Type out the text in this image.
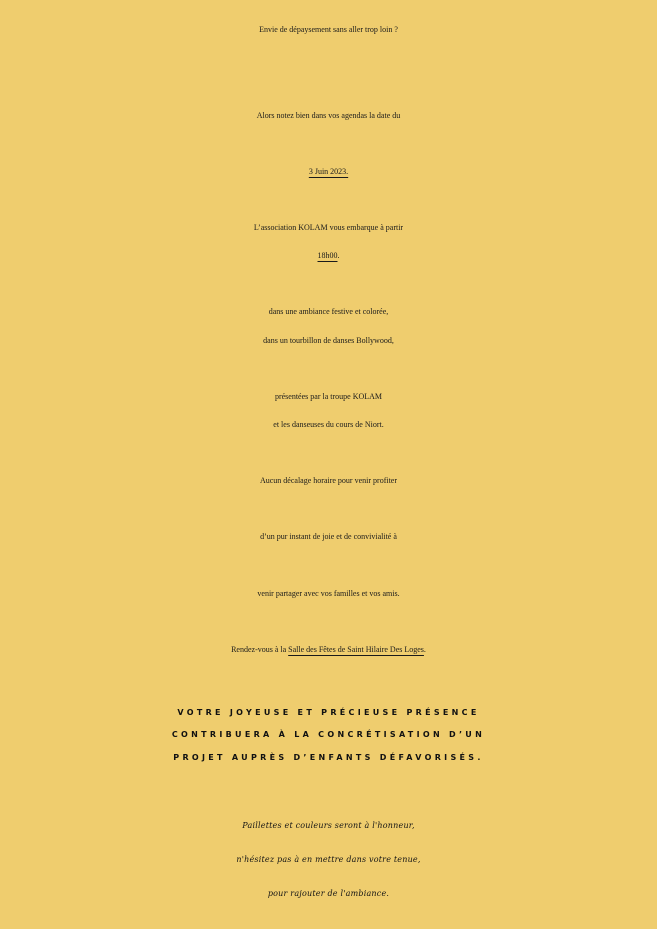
Envie de dépaysement sans aller trop loin ?
Alors notez bien dans vos agendas la date du
3 Juin 2023.
L’association KOLAM vous embarque à partir
18h00.
dans une ambiance festive et colorée,
dans un tourbillon de danses Bollywood,
présentées par la troupe KOLAM
et les danseuses du cours de Niort.
Aucun décalage horaire pour venir profiter
d’un pur instant de joie et de convivialité à
venir partager avec vos familles et vos amis.
Rendez-vous à la Salle des Fêtes de Saint Hilaire Des Loges.
VOTRE JOYEUSE ET PRÉCIEUSE PRÉSENCE
CONTRIBUERA À LA CONCRÉTISATION D’UN
PROJET AUPRÈS D’ENFANTS DÉFAVORISÉS.
Paillettes et couleurs seront à l'honneur,
n'hésitez pas à en mettre dans votre tenue,
pour rajouter de l'ambiance.
